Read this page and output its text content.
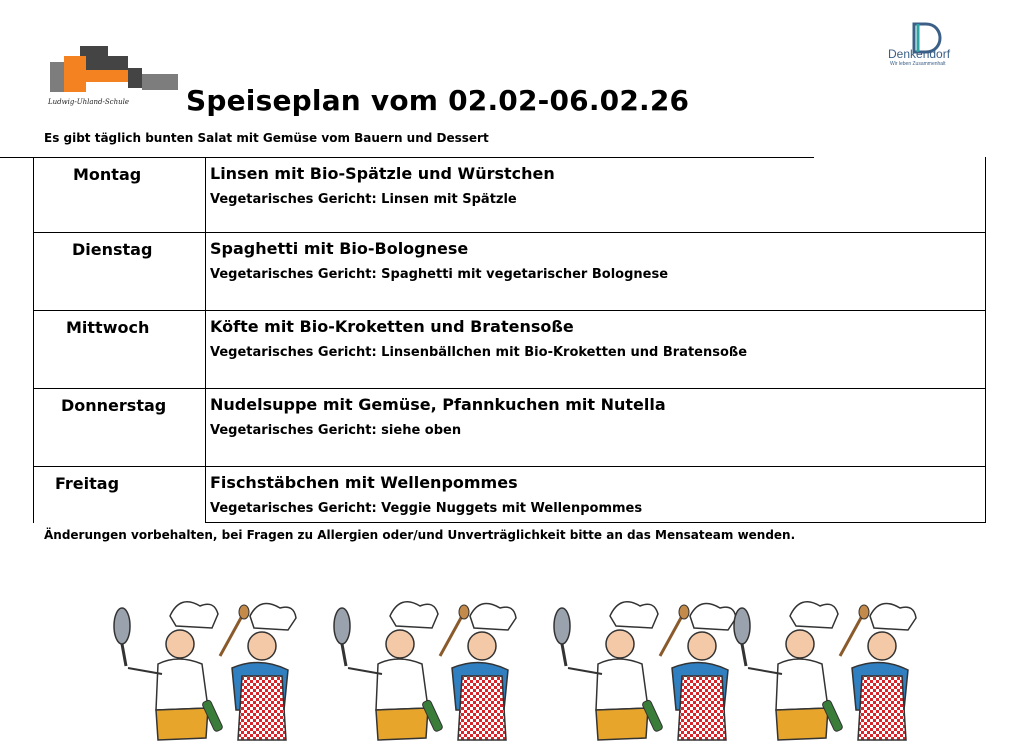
Ludwig-Uhland-Schule
Denkendorf
Wir leben Zusammenhalt
Speiseplan vom 02.02-06.02.26
Es gibt täglich bunten Salat mit Gemüse vom Bauern und Dessert
Montag	Linsen mit Bio-Spätzle und Würstchen
Vegetarisches Gericht: Linsen mit Spätzle
Dienstag	Spaghetti mit Bio-Bolognese
Vegetarisches Gericht: Spaghetti mit vegetarischer Bolognese
Mittwoch	Köfte mit Bio-Kroketten und Bratensoße
Vegetarisches Gericht: Linsenbällchen mit Bio-Kroketten und Bratensoße
Donnerstag	Nudelsuppe mit Gemüse, Pfannkuchen mit Nutella
Vegetarisches Gericht: siehe oben
Freitag	Fischstäbchen mit Wellenpommes
Vegetarisches Gericht: Veggie Nuggets mit Wellenpommes
Änderungen vorbehalten, bei Fragen zu Allergien oder/und Unverträglichkeit bitte an das Mensateam wenden.
